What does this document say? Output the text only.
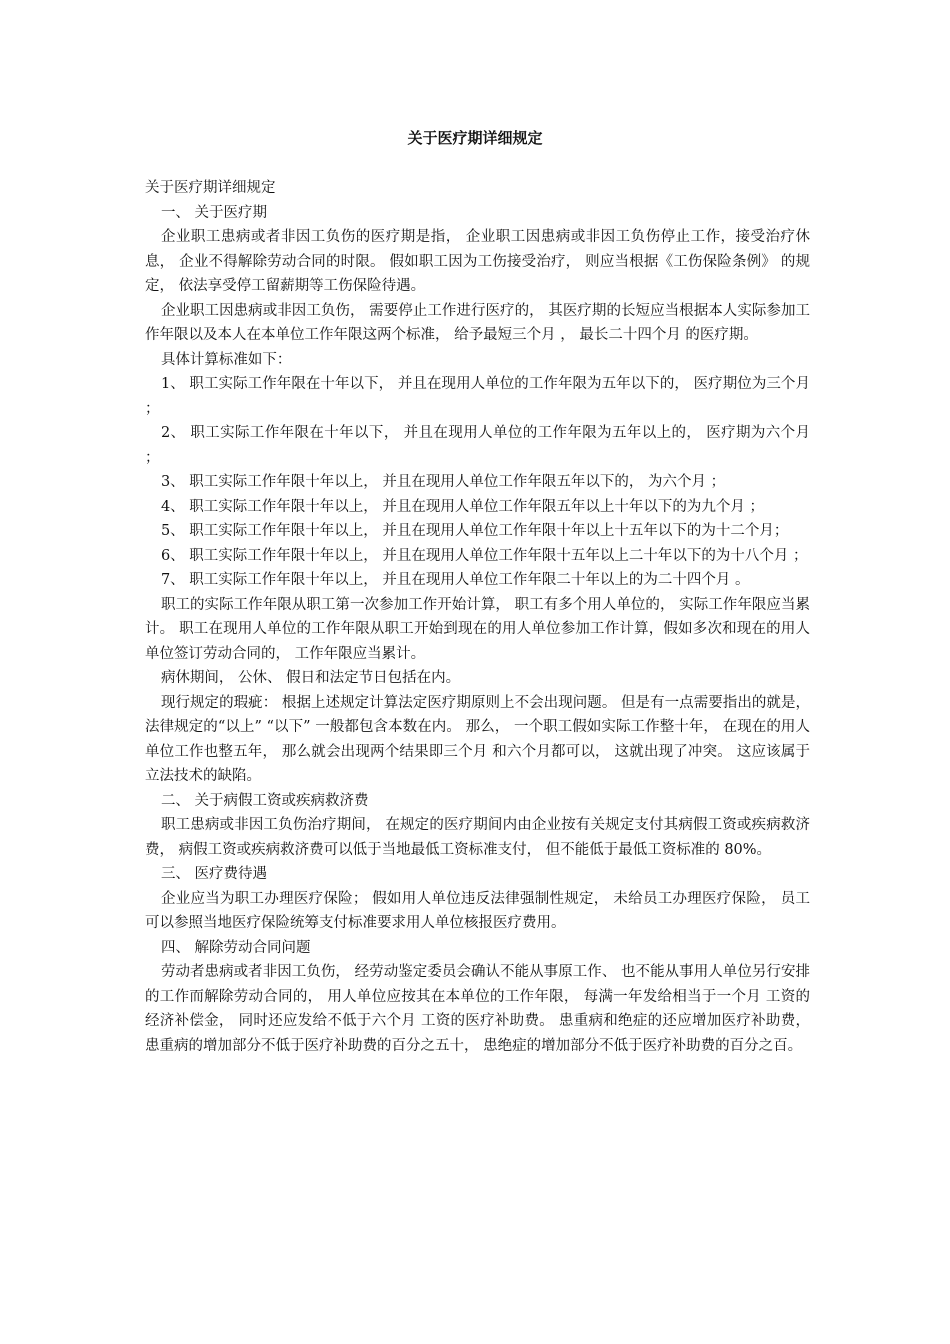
关于医疗期详细规定

关于医疗期详细规定

一、 关于医疗期

企业职工患病或者非因工负伤的医疗期是指， 企业职工因患病或非因工负伤停止工作，接受治疗休息， 企业不得解除劳动合同的时限。 假如职工因为工伤接受治疗， 则应当根据《工伤保险条例》 的规定， 依法享受停工留薪期等工伤保险待遇。

企业职工因患病或非因工负伤， 需要停止工作进行医疗的， 其医疗期的长短应当根据本人实际参加工作年限以及本人在本单位工作年限这两个标准， 给予最短三个月 ， 最长二十四个月 的医疗期。

具体计算标准如下：

1、 职工实际工作年限在十年以下， 并且在现用人单位的工作年限为五年以下的， 医疗期位为三个月 ；

2、 职工实际工作年限在十年以下， 并且在现用人单位的工作年限为五年以上的， 医疗期为六个月 ；

3、 职工实际工作年限十年以上， 并且在现用人单位工作年限五年以下的， 为六个月 ；

4、 职工实际工作年限十年以上， 并且在现用人单位工作年限五年以上十年以下的为九个月 ；

5、 职工实际工作年限十年以上， 并且在现用人单位工作年限十年以上十五年以下的为十二个月；

6、 职工实际工作年限十年以上， 并且在现用人单位工作年限十五年以上二十年以下的为十八个月 ；

7、 职工实际工作年限十年以上， 并且在现用人单位工作年限二十年以上的为二十四个月 。

职工的实际工作年限从职工第一次参加工作开始计算， 职工有多个用人单位的， 实际工作年限应当累计。 职工在现用人单位的工作年限从职工开始到现在的用人单位参加工作计算，假如多次和现在的用人单位签订劳动合同的， 工作年限应当累计。

病休期间， 公休、 假日和法定节日包括在内。

现行规定的瑕疵： 根据上述规定计算法定医疗期原则上不会出现问题。 但是有一点需要指出的就是， 法律规定的“以上” “以下” 一般都包含本数在内。 那么， 一个职工假如实际工作整十年， 在现在的用人单位工作也整五年， 那么就会出现两个结果即三个月 和六个月都可以， 这就出现了冲突。 这应该属于立法技术的缺陷。

二、 关于病假工资或疾病救济费

职工患病或非因工负伤治疗期间， 在规定的医疗期间内由企业按有关规定支付其病假工资或疾病救济费， 病假工资或疾病救济费可以低于当地最低工资标准支付， 但不能低于最低工资标准的 80%。

三、 医疗费待遇

企业应当为职工办理医疗保险； 假如用人单位违反法律强制性规定， 未给员工办理医疗保险， 员工可以参照当地医疗保险统筹支付标准要求用人单位核报医疗费用。

四、 解除劳动合同问题

劳动者患病或者非因工负伤， 经劳动鉴定委员会确认不能从事原工作、 也不能从事用人单位另行安排的工作而解除劳动合同的， 用人单位应按其在本单位的工作年限， 每满一年发给相当于一个月 工资的经济补偿金， 同时还应发给不低于六个月 工资的医疗补助费。 患重病和绝症的还应增加医疗补助费， 患重病的增加部分不低于医疗补助费的百分之五十， 患绝症的增加部分不低于医疗补助费的百分之百。
